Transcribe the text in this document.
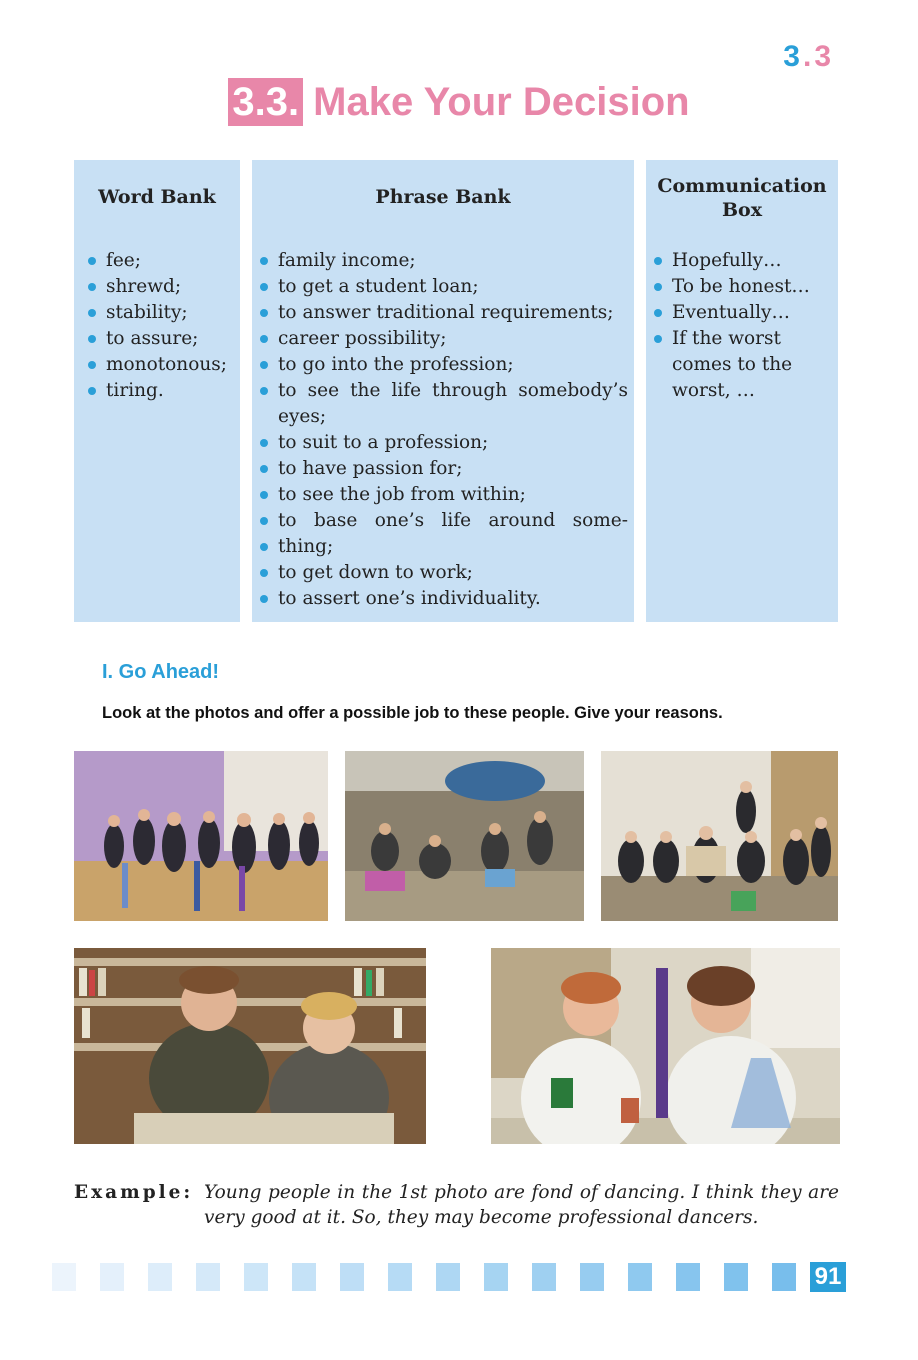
3.3
3.3. Make Your Decision
Word Bank
fee;
shrewd;
stability;
to assure;
monotonous;
tiring.
Phrase Bank
family income;
to get a student loan;
to answer traditional requirements;
career possibility;
to go into the profession;
to see the life through somebody’s eyes;
to suit to a profession;
to have passion for;
to see the job from within;
to base one’s life around some-
thing;
to get down to work;
to assert one’s individuality.
Communication
Box
Hopefully…
To be honest…
Eventually…
If the worst comes to the worst, …
I. Go Ahead!
Look at the photos and offer a possible job to these people. Give your reasons.
Example: Young people in the 1st photo are fond of dancing. I think they are very good at it. So, they may become professional dancers.
91
